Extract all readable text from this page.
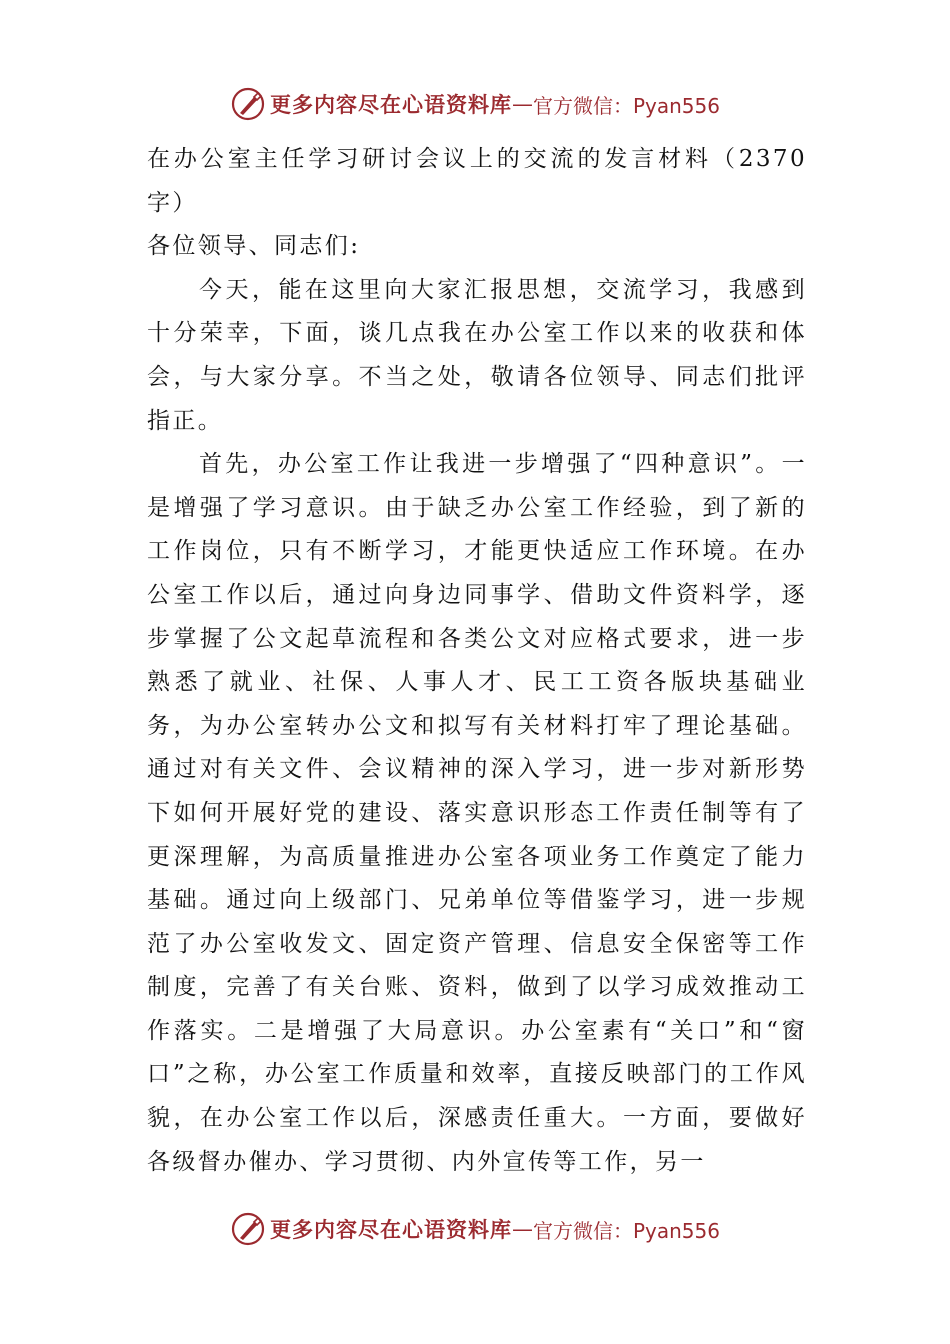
更多内容尽在心语资料库 — 官方微信：Pyan556

在办公室主任学习研讨会议上的交流的发言材料（2370字）

各位领导、同志们:

今天，能在这里向大家汇报思想，交流学习，我感到十分荣幸，下面，谈几点我在办公室工作以来的收获和体会，与大家分享。不当之处，敬请各位领导、同志们批评指正。

首先，办公室工作让我进一步增强了“四种意识”。一是增强了学习意识。由于缺乏办公室工作经验，到了新的工作岗位，只有不断学习，才能更快适应工作环境。在办公室工作以后，通过向身边同事学、借助文件资料学，逐步掌握了公文起草流程和各类公文对应格式要求，进一步熟悉了就业、社保、人事人才、民工工资各版块基础业务，为办公室转办公文和拟写有关材料打牢了理论基础。通过对有关文件、会议精神的深入学习，进一步对新形势下如何开展好党的建设、落实意识形态工作责任制等有了更深理解，为高质量推进办公室各项业务工作奠定了能力基础。通过向上级部门、兄弟单位等借鉴学习，进一步规范了办公室收发文、固定资产管理、信息安全保密等工作制度，完善了有关台账、资料，做到了以学习成效推动工作落实。二是增强了大局意识。办公室素有“关口”和“窗口”之称，办公室工作质量和效率，直接反映部门的工作风貌，在办公室工作以后，深感责任重大。一方面，要做好各级督办催办、学习贯彻、内外宣传等工作，另一

更多内容尽在心语资料库 — 官方微信：Pyan556
